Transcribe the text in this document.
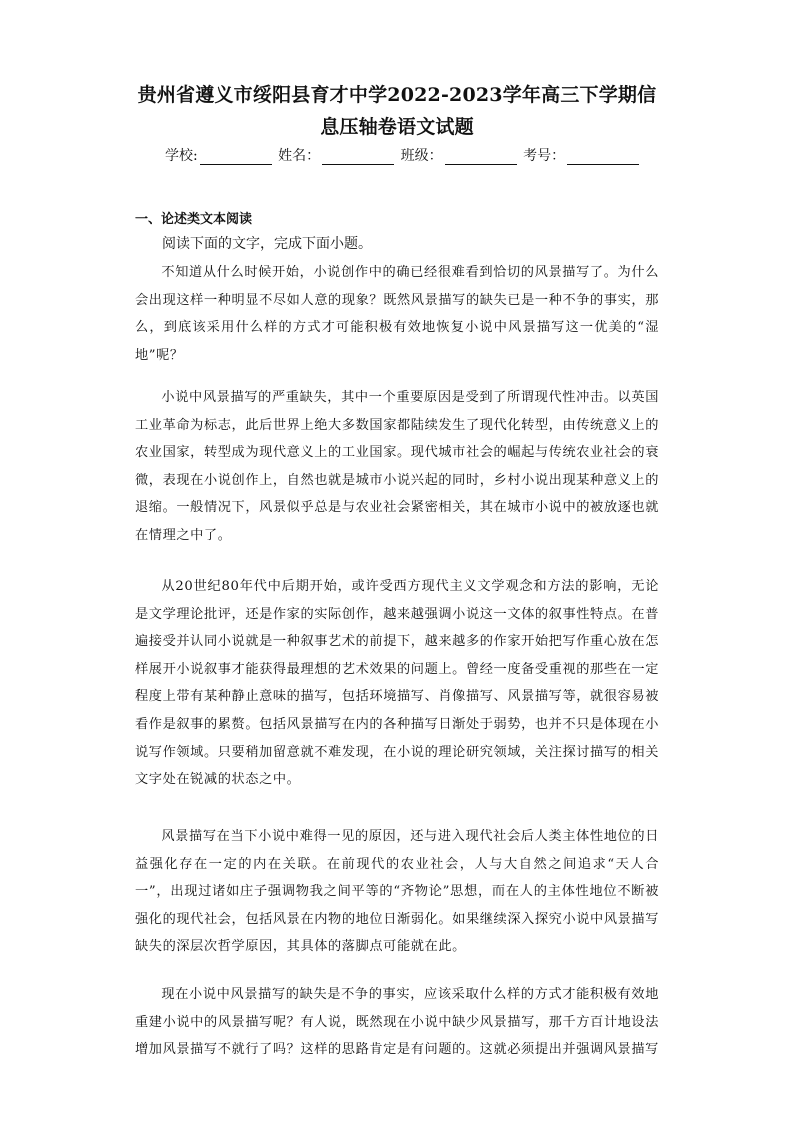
贵州省遵义市绥阳县育才中学2022-2023学年高三下学期信
息压轴卷语文试题
学校:	姓名：	班级：	考号：
一、论述类文本阅读
阅读下面的文字，完成下面小题。

不知道从什么时候开始，小说创作中的确已经很难看到恰切的风景描写了。为什么会出现这样一种明显不尽如人意的现象？既然风景描写的缺失已是一种不争的事实，那么，到底该采用什么样的方式才可能积极有效地恢复小说中风景描写这一优美的“湿地”呢？

小说中风景描写的严重缺失，其中一个重要原因是受到了所谓现代性冲击。以英国工业革命为标志，此后世界上绝大多数国家都陆续发生了现代化转型，由传统意义上的农业国家，转型成为现代意义上的工业国家。现代城市社会的崛起与传统农业社会的衰微，表现在小说创作上，自然也就是城市小说兴起的同时，乡村小说出现某种意义上的退缩。一般情况下，风景似乎总是与农业社会紧密相关，其在城市小说中的被放逐也就在情理之中了。

从20世纪80年代中后期开始，或许受西方现代主义文学观念和方法的影响，无论是文学理论批评，还是作家的实际创作，越来越强调小说这一文体的叙事性特点。在普遍接受并认同小说就是一种叙事艺术的前提下，越来越多的作家开始把写作重心放在怎样展开小说叙事才能获得最理想的艺术效果的问题上。曾经一度备受重视的那些在一定程度上带有某种静止意味的描写，包括环境描写、肖像描写、风景描写等，就很容易被看作是叙事的累赘。包括风景描写在内的各种描写日渐处于弱势，也并不只是体现在小说写作领域。只要稍加留意就不难发现，在小说的理论研究领域，关注探讨描写的相关文字处在锐减的状态之中。

风景描写在当下小说中难得一见的原因，还与进入现代社会后人类主体性地位的日益强化存在一定的内在关联。在前现代的农业社会，人与大自然之间追求“天人合一”，出现过诸如庄子强调物我之间平等的“齐物论”思想，而在人的主体性地位不断被强化的现代社会，包括风景在内物的地位日渐弱化。如果继续深入探究小说中风景描写缺失的深层次哲学原因，其具体的落脚点可能就在此。

现在小说中风景描写的缺失是不争的事实，应该采取什么样的方式才能积极有效地重建小说中的风景描写呢？有人说，既然现在小说中缺少风景描写，那千方百计地设法增加风景描写不就行了吗？这样的思路肯定是有问题的。这就必须提出并强调风景描写
